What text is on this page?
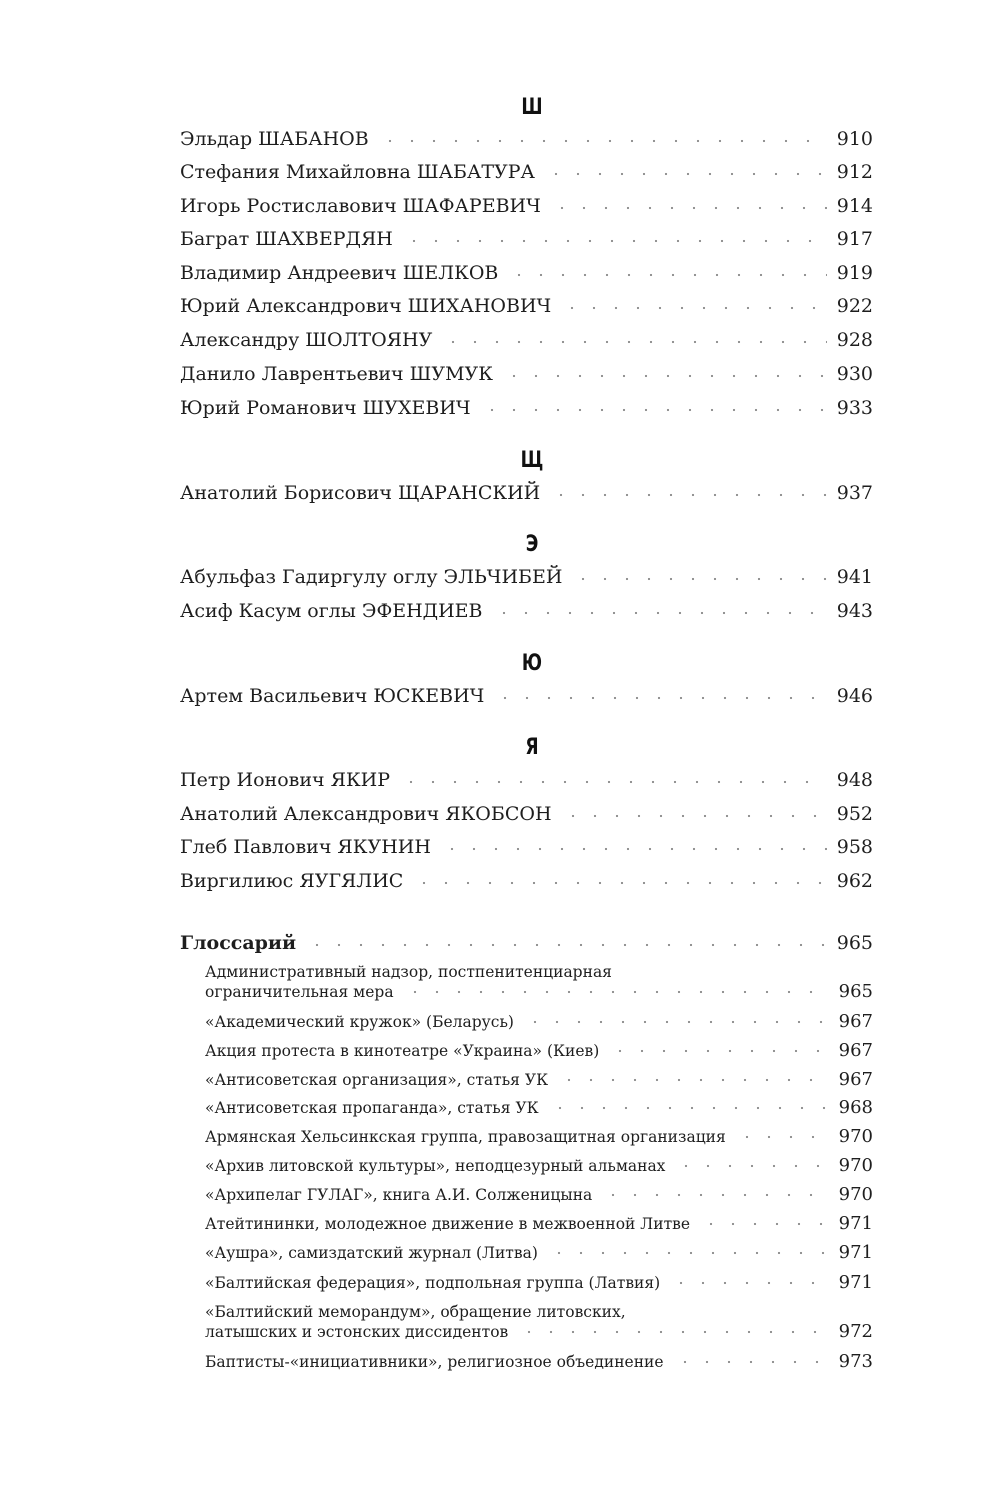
Ш
Эльдар ШАБАНОВ	910
Стефания Михайловна ШАБАТУРА	912
Игорь Ростиславович ШАФАРЕВИЧ	914
Баграт ШАХВЕРДЯН	917
Владимир Андреевич ШЕЛКОВ	919
Юрий Александрович ШИХАНОВИЧ	922
Александру ШОЛТОЯНУ	928
Данило Лаврентьевич ШУМУК	930
Юрий Романович ШУХЕВИЧ	933
Щ
Анатолий Борисович ЩАРАНСКИЙ	937
Э
Абульфаз Гадиргулу оглу ЭЛЬЧИБЕЙ	941
Асиф Касум оглы ЭФЕНДИЕВ	943
Ю
Артем Васильевич ЮСКЕВИЧ	946
Я
Петр Ионович ЯКИР	948
Анатолий Александрович ЯКОБСОН	952
Глеб Павлович ЯКУНИН	958
Виргилиюс ЯУГЯЛИС	962
Глоссарий	965
Административный надзор, постпенитенциарная
ограничительная мера	965
«Академический кружок» (Беларусь)	967
Акция протеста в кинотеатре «Украина» (Киев)	967
«Антисоветская организация», статья УК	967
«Антисоветская пропаганда», статья УК	968
Армянская Хельсинкская группа, правозащитная организация	970
«Архив литовской культуры», неподцезурный альманах	970
«Архипелаг ГУЛАГ», книга А.И. Солженицына	970
Атейтининки, молодежное движение в межвоенной Литве	971
«Аушра», самиздатский журнал (Литва)	971
«Балтийская федерация», подпольная группа (Латвия)	971
«Балтийский меморандум», обращение литовских,
латышских и эстонских диссидентов	972
Баптисты-«инициативники», религиозное объединение	973
